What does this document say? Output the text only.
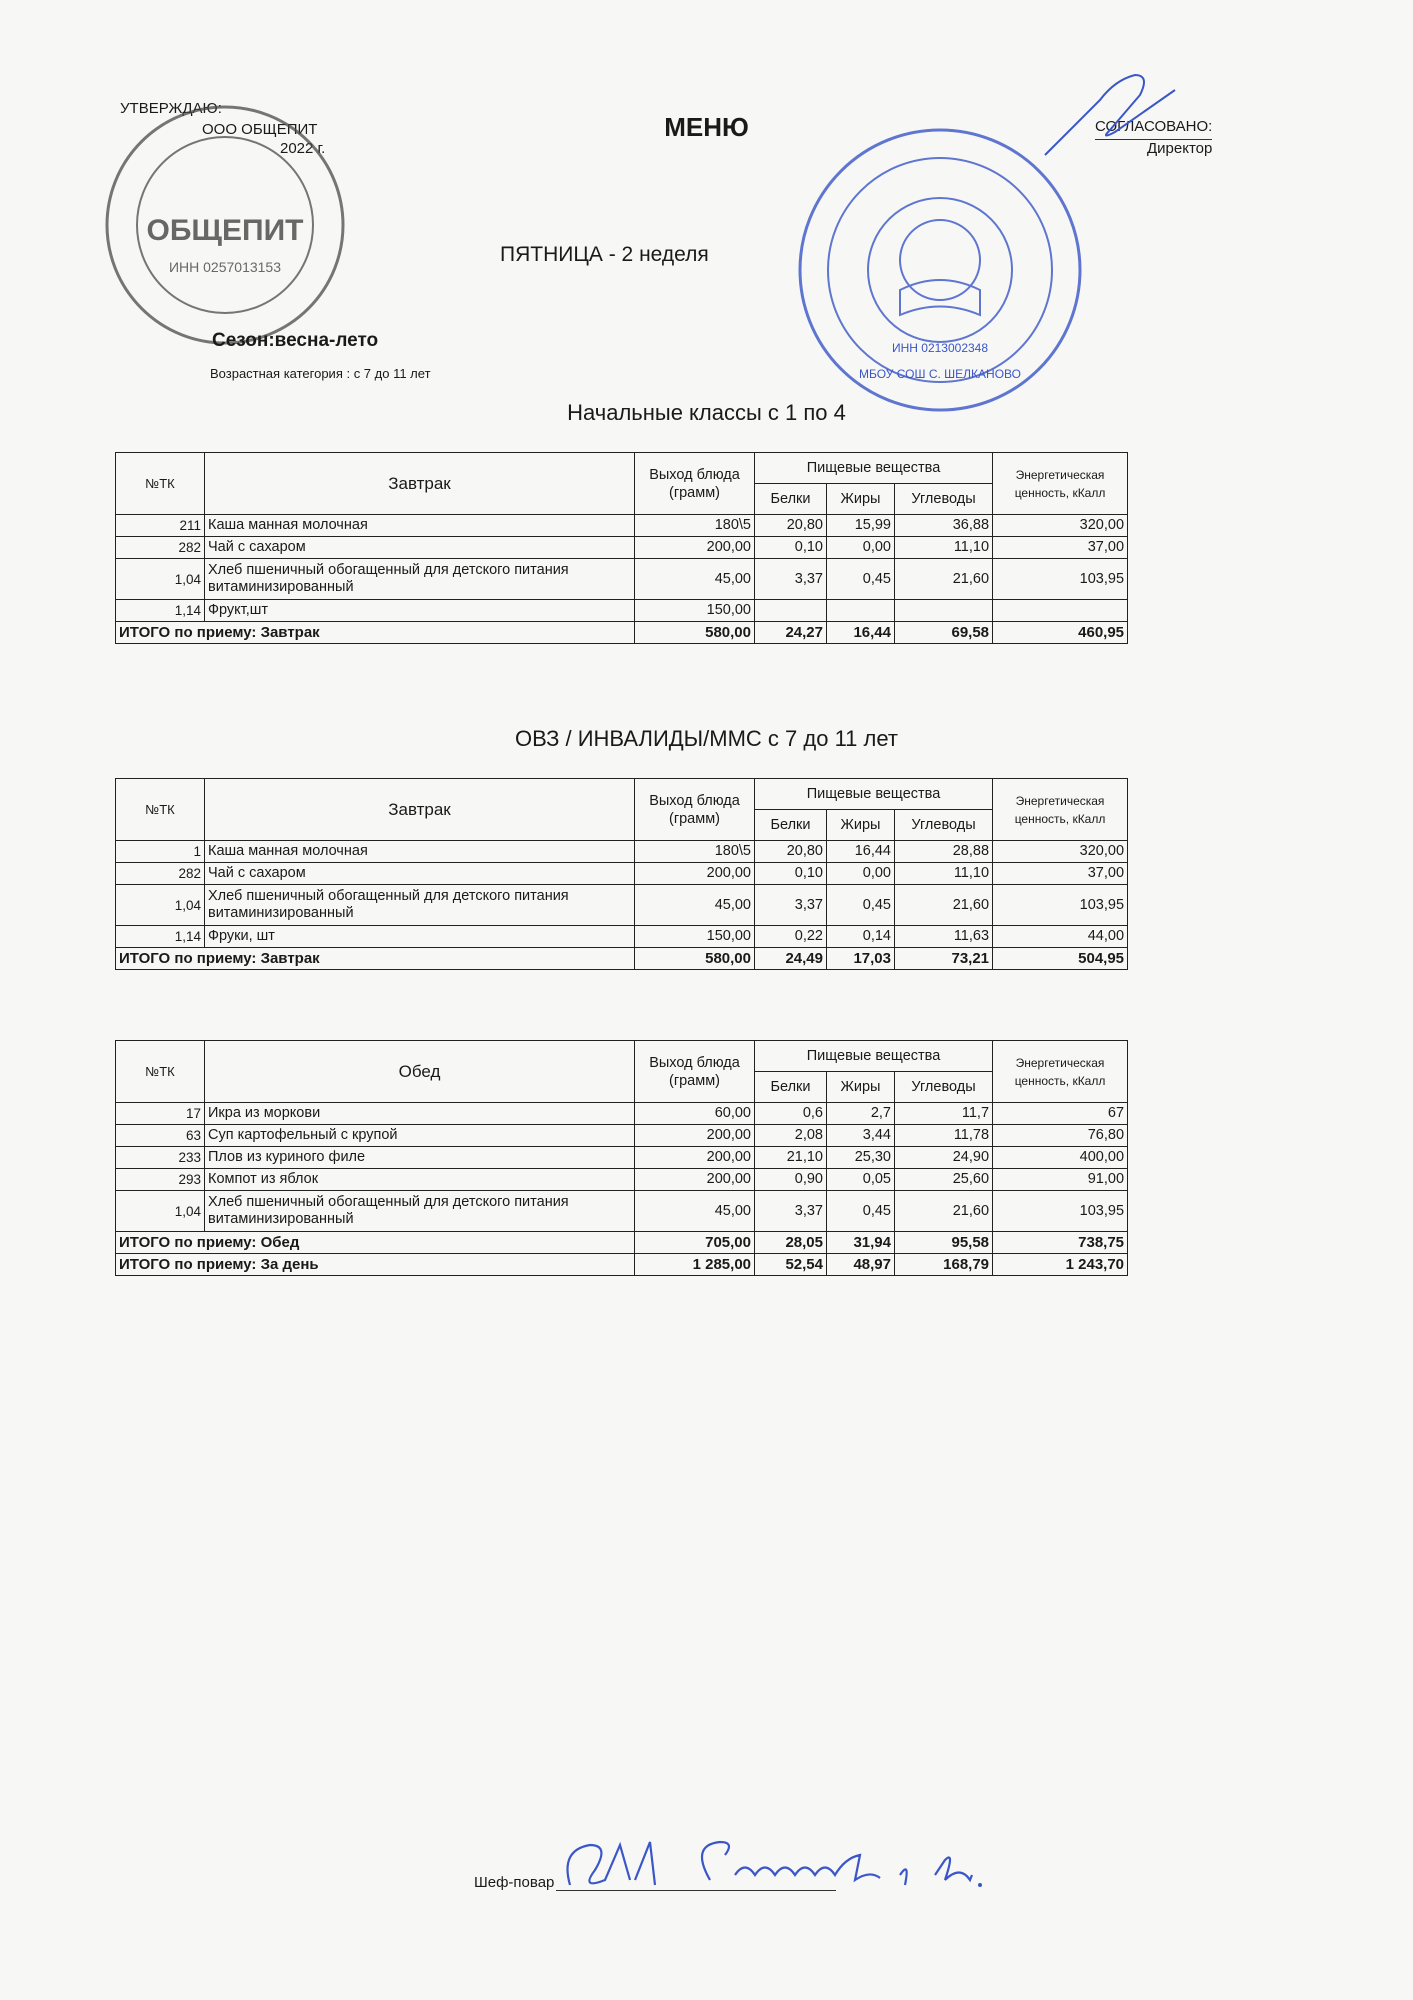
МЕНЮ
УТВЕРЖДАЮ:
ООО ОБЩЕПИТ
2022 г.
СОГЛАСОВАНО:
Директор
ОБЩЕПИТ
ИНН 0257013153
ИНН 0213002348
МБОУ СОШ С. ШЕЛКАНОВО
ПЯТНИЦА - 2 неделя
Сезон:весна-лето
Возрастная категория : с 7 до 11 лет
Начальные классы с 1 по 4
№ТК	Завтрак	Выход блюда (грамм)	Пищевые вещества			Энергетическая ценность, кКалл
			Белки	Жиры	Углеводы	
211	Каша манная молочная	180\5	20,80	15,99	36,88	320,00
282	Чай с сахаром	200,00	0,10	0,00	11,10	37,00
1,04	Хлеб пшеничный обогащенный для детского питания витаминизированный	45,00	3,37	0,45	21,60	103,95
1,14	Фрукт,шт	150,00				
ИТОГО по приему: Завтрак		580,00	24,27	16,44	69,58	460,95
ОВЗ / ИНВАЛИДЫ/ММС с 7 до 11 лет
№ТК	Завтрак	Выход блюда (грамм)	Пищевые вещества			Энергетическая ценность, кКалл
			Белки	Жиры	Углеводы	
1	Каша манная молочная	180\5	20,80	16,44	28,88	320,00
282	Чай с сахаром	200,00	0,10	0,00	11,10	37,00
1,04	Хлеб пшеничный обогащенный для детского питания витаминизированный	45,00	3,37	0,45	21,60	103,95
1,14	Фруки, шт	150,00	0,22	0,14	11,63	44,00
ИТОГО по приему: Завтрак		580,00	24,49	17,03	73,21	504,95
№ТК	Обед	Выход блюда (грамм)	Пищевые вещества			Энергетическая ценность, кКалл
			Белки	Жиры	Углеводы	
17	Икра из моркови	60,00	0,6	2,7	11,7	67
63	Суп картофельный с крупой	200,00	2,08	3,44	11,78	76,80
233	Плов из куриного филе	200,00	21,10	25,30	24,90	400,00
293	Компот из яблок	200,00	0,90	0,05	25,60	91,00
1,04	Хлеб пшеничный обогащенный для детского питания витаминизированный	45,00	3,37	0,45	21,60	103,95
ИТОГО по приему: Обед		705,00	28,05	31,94	95,58	738,75
ИТОГО по приему: За день		1 285,00	52,54	48,97	168,79	1 243,70
Шеф-повар
